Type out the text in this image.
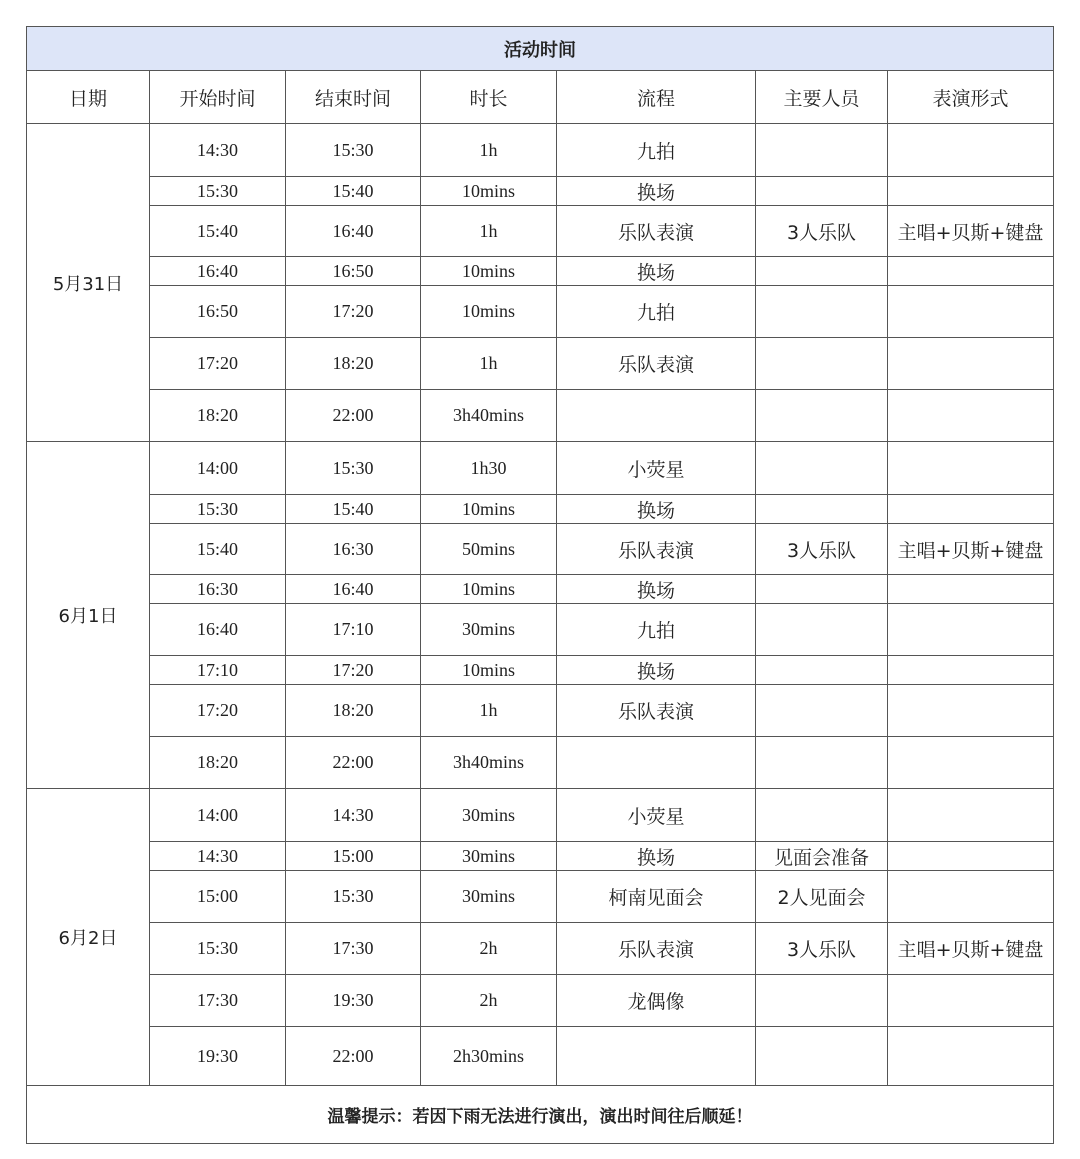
活动时间						
日期	开始时间	结束时间	时长	流程	主要人员	表演形式
5月31日	14:30	15:30	1h	九拍		
	15:30	15:40	10mins	换场		
	15:40	16:40	1h	乐队表演	3人乐队	主唱+贝斯+键盘
	16:40	16:50	10mins	换场		
	16:50	17:20	10mins	九拍		
	17:20	18:20	1h	乐队表演		
	18:20	22:00	3h40mins			
6月1日	14:00	15:30	1h30	小荧星		
	15:30	15:40	10mins	换场		
	15:40	16:30	50mins	乐队表演	3人乐队	主唱+贝斯+键盘
	16:30	16:40	10mins	换场		
	16:40	17:10	30mins	九拍		
	17:10	17:20	10mins	换场		
	17:20	18:20	1h	乐队表演		
	18:20	22:00	3h40mins			
6月2日	14:00	14:30	30mins	小荧星		
	14:30	15:00	30mins	换场	见面会准备	
	15:00	15:30	30mins	柯南见面会	2人见面会	
	15:30	17:30	2h	乐队表演	3人乐队	主唱+贝斯+键盘
	17:30	19:30	2h	龙偶像		
	19:30	22:00	2h30mins			
温馨提示：若因下雨无法进行演出，演出时间往后顺延！						
